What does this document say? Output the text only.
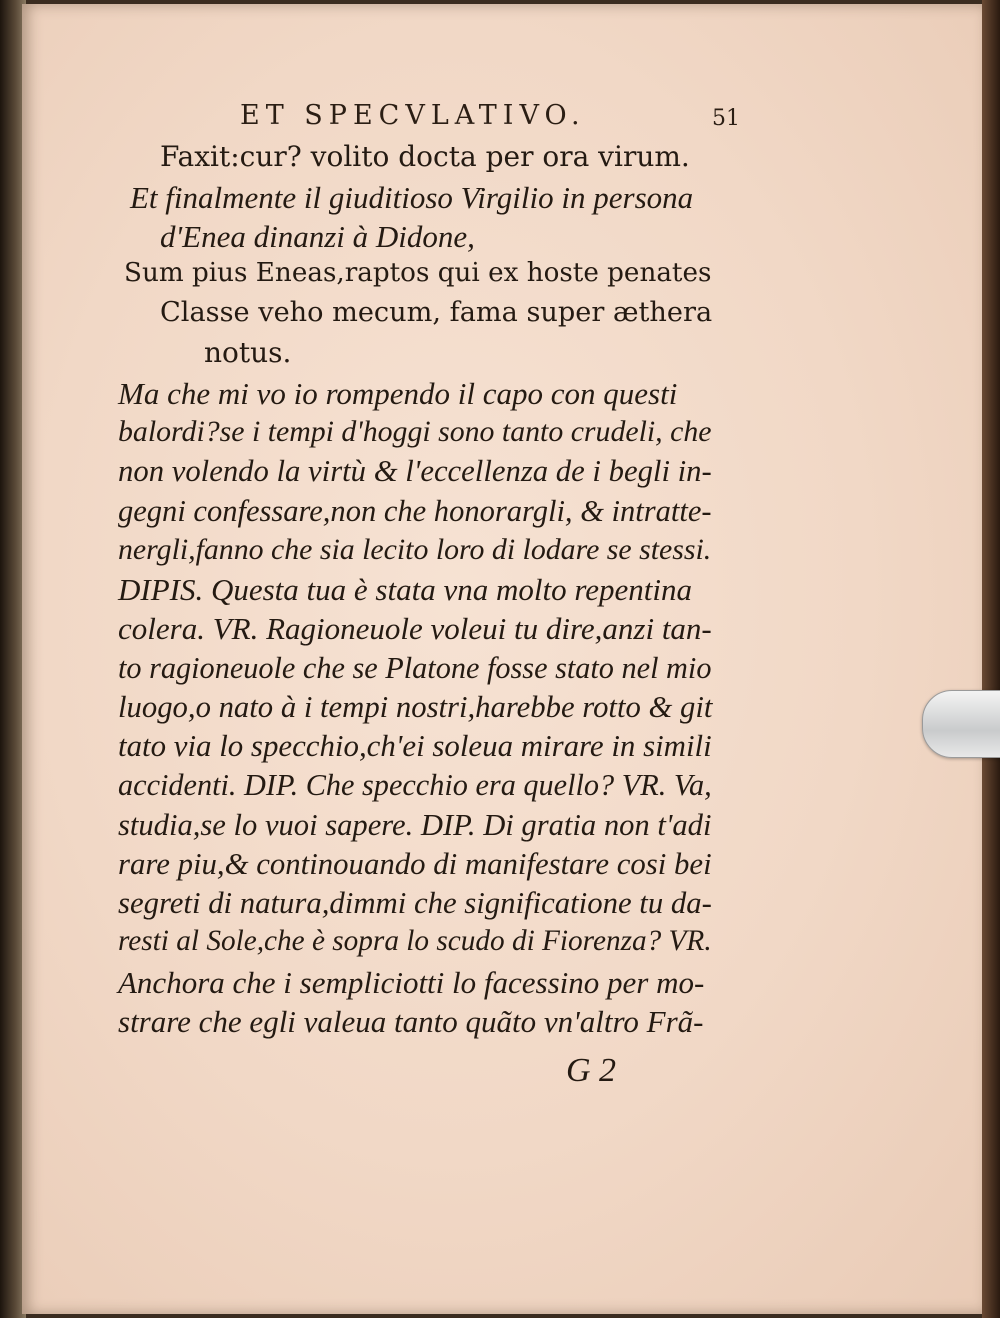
ET SPECVLATIVO.	51
Faxit:cur? volito docta per ora virum.
Et finalmente il giuditioso Virgilio in persona
d'Enea dinanzi à Didone,
Sum pius Eneas,raptos qui ex hoste penates
Classe veho mecum, fama super æthera
notus.
Ma che mi vo io rompendo il capo con questi
balordi?se i tempi d'hoggi sono tanto crudeli, che
non volendo la virtù & l'eccellenza de i begli in-
gegni confessare,non che honorargli, & intratte-
nergli,fanno che sia lecito loro di lodare se stessi.
DIPIS. Questa tua è stata vna molto repentina
colera. VR. Ragioneuole voleui tu dire,anzi tan-
to ragioneuole che se Platone fosse stato nel mio
luogo,o nato à i tempi nostri,harebbe rotto & git
tato via lo specchio,ch'ei soleua mirare in simili
accidenti. DIP. Che specchio era quello? VR. Va,
studia,se lo vuoi sapere. DIP. Di gratia non t'adi
rare piu,& continouando di manifestare cosi bei
segreti di natura,dimmi che significatione tu da-
resti al Sole,che è sopra lo scudo di Fiorenza? VR.
Anchora che i sempliciotti lo facessino per mo-
strare che egli valeua tanto quãto vn'altro Frã-
G 2
